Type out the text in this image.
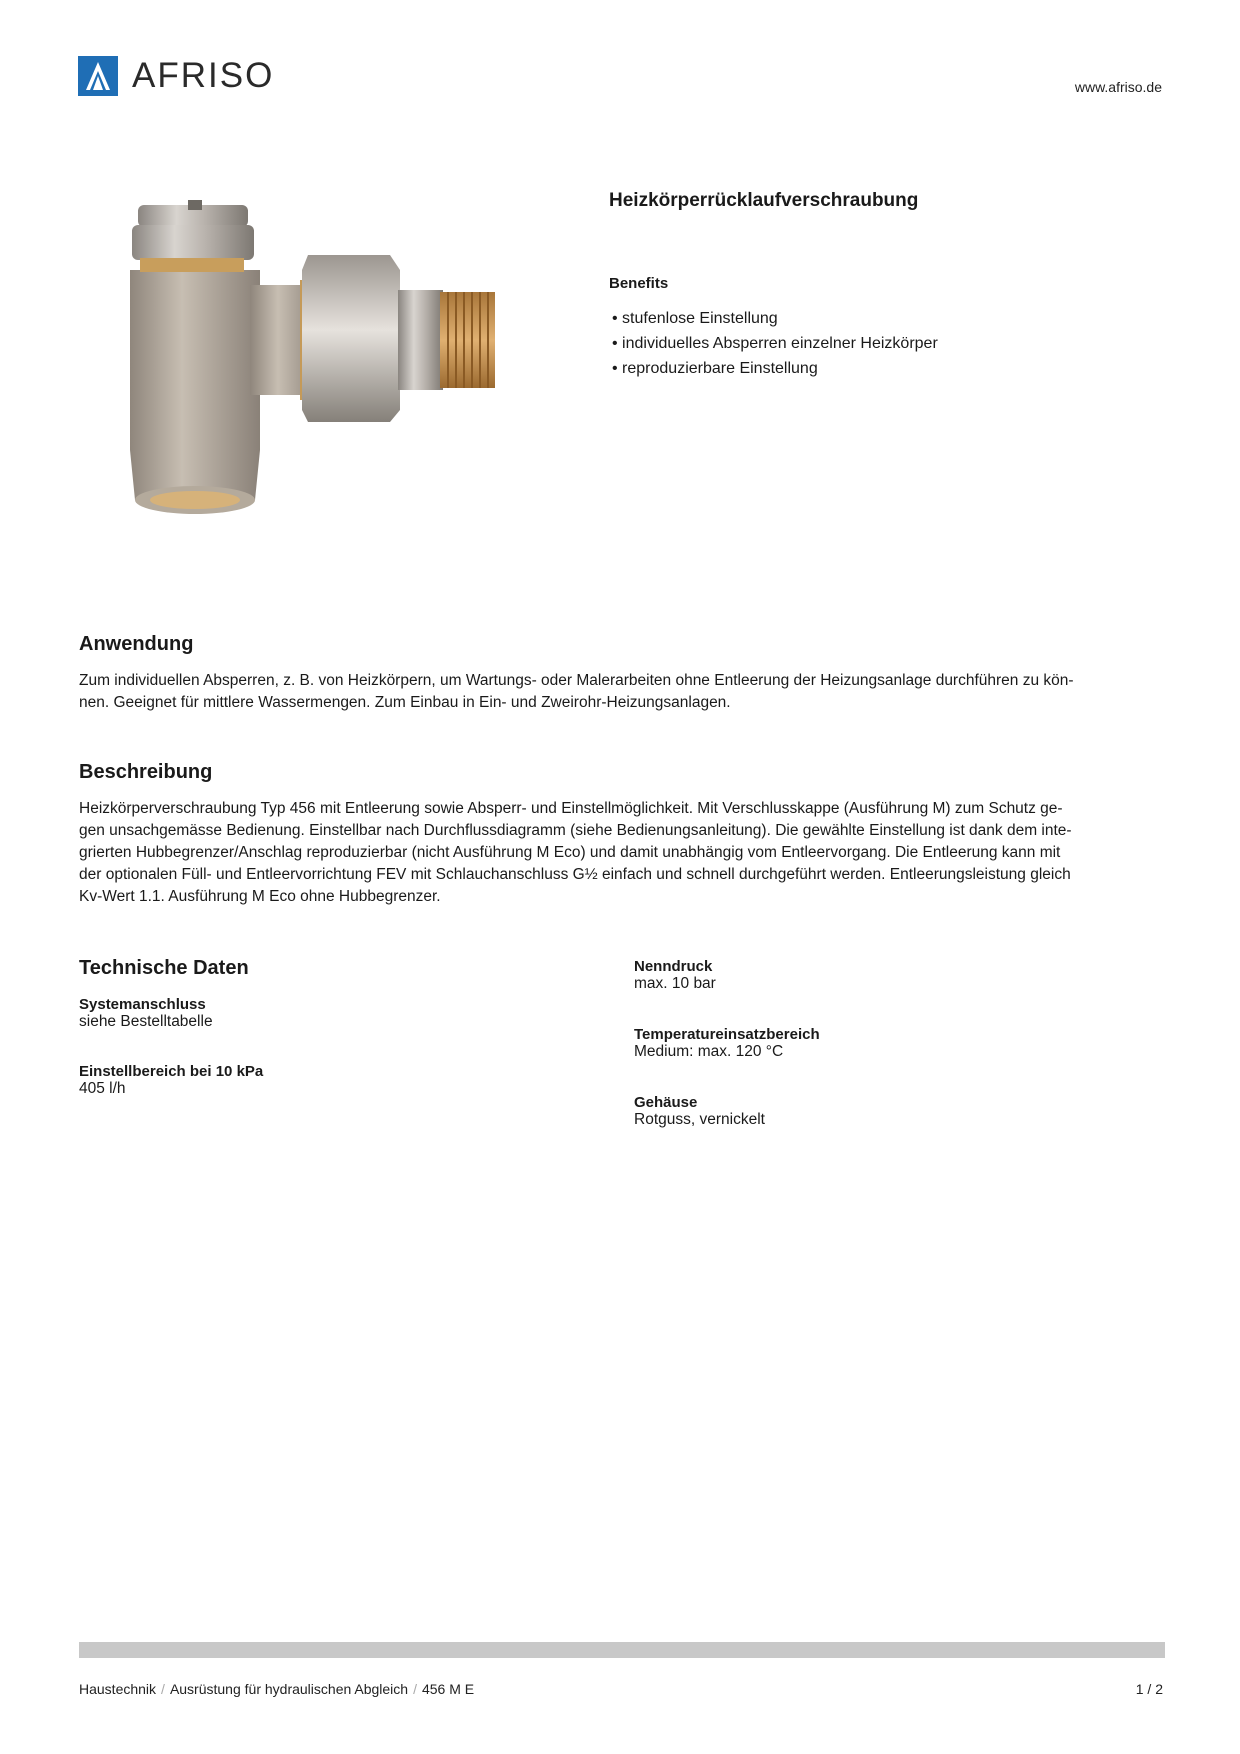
AFRISO	www.afriso.de
Heizkörperrücklaufverschraubung
Benefits
• stufenlose Einstellung
• individuelles Absperren einzelner Heizkörper
• reproduzierbare Einstellung
Anwendung
Zum individuellen Absperren, z. B. von Heizkörpern, um Wartungs- oder Malerarbeiten ohne Entleerung der Heizungsanlage durchführen zu kön-
nen. Geeignet für mittlere Wassermengen. Zum Einbau in Ein- und Zweirohr-Heizungsanlagen.
Beschreibung
Heizkörperverschraubung Typ 456 mit Entleerung sowie Absperr- und Einstellmöglichkeit. Mit Verschlusskappe (Ausführung M) zum Schutz ge-
gen unsachgemässe Bedienung. Einstellbar nach Durchflussdiagramm (siehe Bedienungsanleitung). Die gewählte Einstellung ist dank dem inte-
grierten Hubbegrenzer/Anschlag reproduzierbar (nicht Ausführung M Eco) und damit unabhängig vom Entleervorgang. Die Entleerung kann mit
der optionalen Füll- und Entleervorrichtung FEV mit Schlauchanschluss G½ einfach und schnell durchgeführt werden. Entleerungsleistung gleich
Kv-Wert 1.1. Ausführung M Eco ohne Hubbegrenzer.
Technische Daten
Systemanschluss
siehe Bestelltabelle
Einstellbereich bei 10 kPa
405 l/h
Nenndruck
max. 10 bar
Temperatureinsatzbereich
Medium: max. 120 °C
Gehäuse
Rotguss, vernickelt
Haustechnik / Ausrüstung für hydraulischen Abgleich / 456 M E	1 / 2
